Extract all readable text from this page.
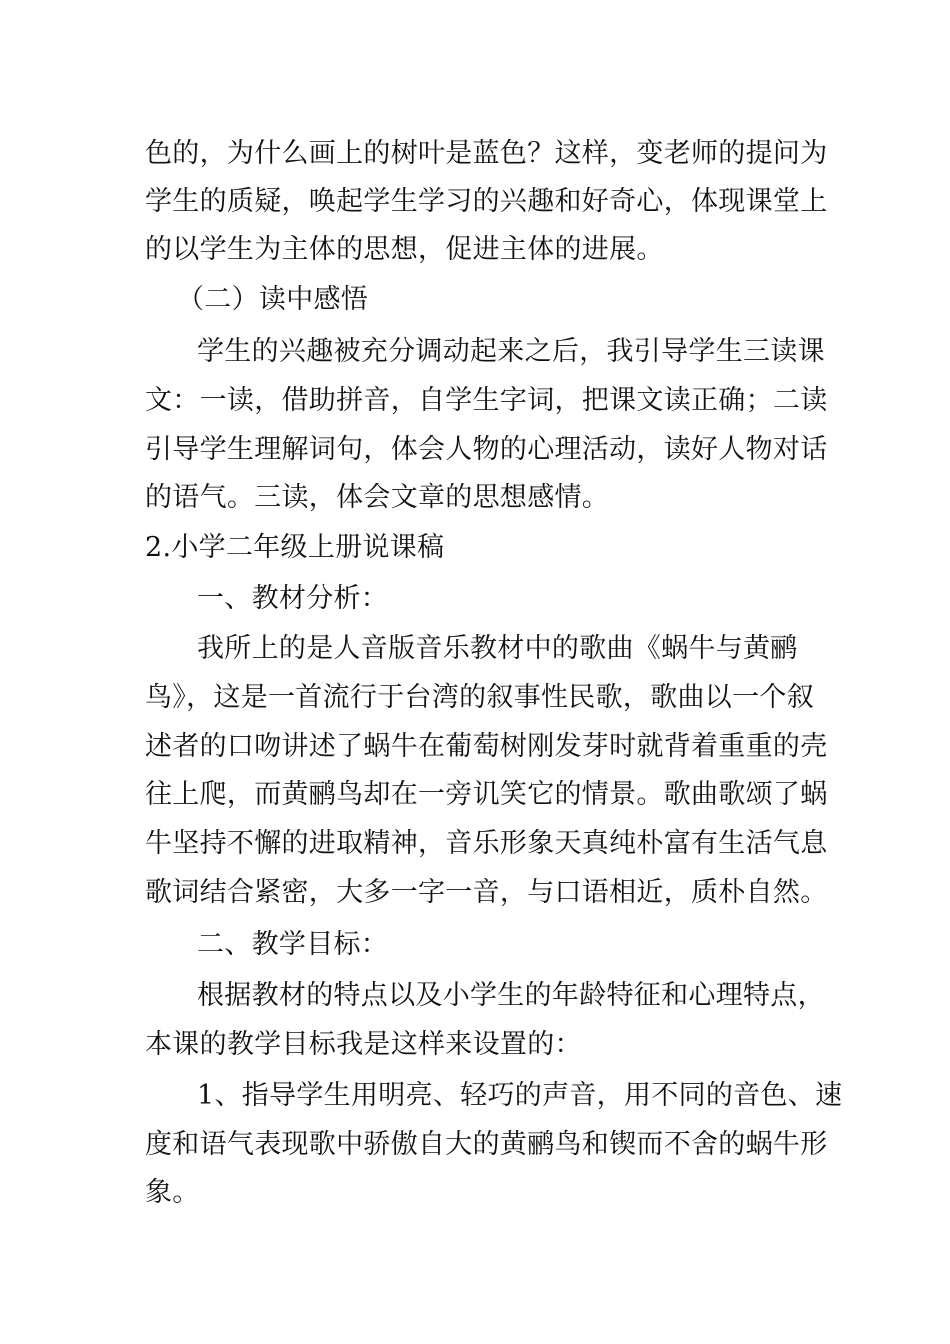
色的，为什么画上的树叶是蓝色？这样，变老师的提问为
学生的质疑，唤起学生学习的兴趣和好奇心，体现课堂上
的以学生为主体的思想，促进主体的进展。
（二）读中感悟
学生的兴趣被充分调动起来之后，我引导学生三读课
文：一读，借助拼音，自学生字词，把课文读正确；二读
引导学生理解词句，体会人物的心理活动，读好人物对话
的语气。三读，体会文章的思想感情。
2.小学二年级上册说课稿
一、教材分析：
我所上的是人音版音乐教材中的歌曲《蜗牛与黄鹂
鸟》，这是一首流行于台湾的叙事性民歌，歌曲以一个叙
述者的口吻讲述了蜗牛在葡萄树刚发芽时就背着重重的壳
往上爬，而黄鹂鸟却在一旁讥笑它的情景。歌曲歌颂了蜗
牛坚持不懈的进取精神，音乐形象天真纯朴富有生活气息
歌词结合紧密，大多一字一音，与口语相近，质朴自然。
二、教学目标：
根据教材的特点以及小学生的年龄特征和心理特点，
本课的教学目标我是这样来设置的：
1、指导学生用明亮、轻巧的声音，用不同的音色、速
度和语气表现歌中骄傲自大的黄鹂鸟和锲而不舍的蜗牛形
象。
